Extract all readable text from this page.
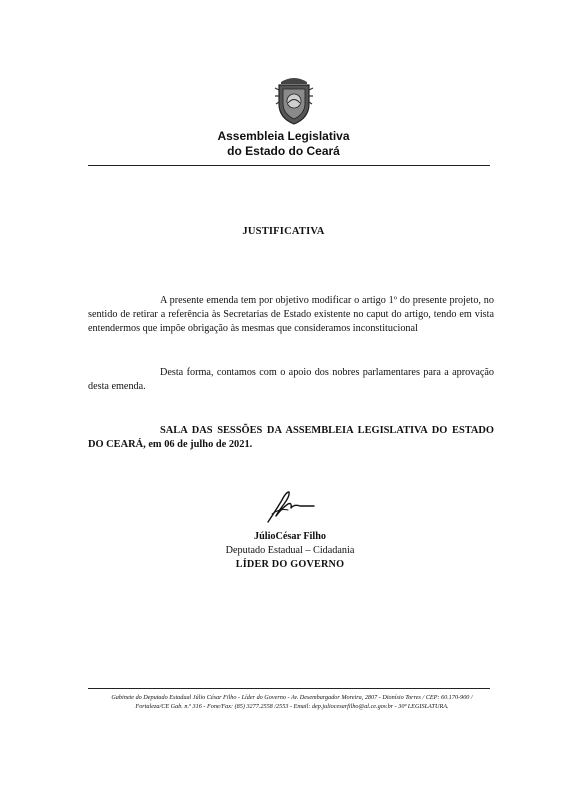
Assembleia Legislativa
do Estado do Ceará
JUSTIFICATIVA

A presente emenda tem por objetivo modificar o artigo 1º do presente projeto, no sentido de retirar a referência às Secretarias de Estado existente no caput do artigo, tendo em vista entendermos que impõe obrigação às mesmas que consideramos inconstitucional

Desta forma, contamos com o apoio dos nobres parlamentares para a aprovação desta emenda.

SALA DAS SESSÕES DA ASSEMBLEIA LEGISLATIVA DO ESTADO DO CEARÁ, em 06 de julho de 2021.

JúlioCésar Filho
Deputado Estadual – Cidadania
LÍDER DO GOVERNO
Gabinete do Deputado Estadual Júlio César Filho - Líder do Governo - Av. Desembargador Moreira, 2807 - Dionísio Torres / CEP: 60.170-900 /
Fortaleza/CE Gab. n.º 316 - Fone/Fax: (85) 3277.2558 /2553 - Email: dep.juliocesarfilho@al.ce.gov.br - 30ª LEGISLATURA.
